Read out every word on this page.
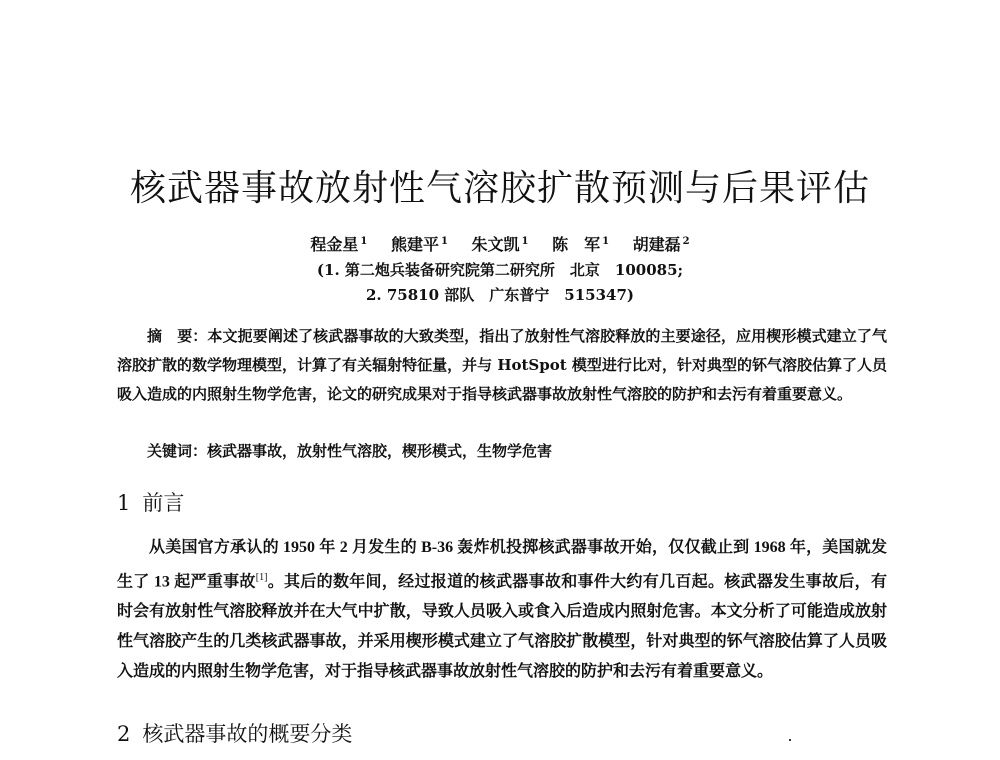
核武器事故放射性气溶胶扩散预测与后果评估
程金星 $^1$ 熊建平 $^1$ 朱文凯 $^1$ 陈　军 $^1$ 胡建磊 $^2$
(1. 第二炮兵装备研究院第二研究所　北京　100085;
2. 75810 部队　广东普宁　515347)

摘　要：本文扼要阐述了核武器事故的大致类型，指出了放射性气溶胶释放的主要途径，应用楔形模式建立了气溶胶扩散的数学物理模型，计算了有关辐射特征量，并与 HotSpot 模型进行比对，针对典型的钚气溶胶估算了人员吸入造成的内照射生物学危害，论文的研究成果对于指导核武器事故放射性气溶胶的防护和去污有着重要意义。

关键词：核武器事故，放射性气溶胶，楔形模式，生物学危害

1 前言

从美国官方承认的 1950 年 2 月发生的 B-36 轰炸机投掷核武器事故开始，仅仅截止到 1968 年，美国就发生了 13 起严重事故[1]。其后的数年间，经过报道的核武器事故和事件大约有几百起。核武器发生事故后，有时会有放射性气溶胶释放并在大气中扩散，导致人员吸入或食入后造成内照射危害。本文分析了可能造成放射性气溶胶产生的几类核武器事故，并采用楔形模式建立了气溶胶扩散模型，针对典型的钚气溶胶估算了人员吸入造成的内照射生物学危害，对于指导核武器事故放射性气溶胶的防护和去污有着重要意义。

2 核武器事故的概要分类
